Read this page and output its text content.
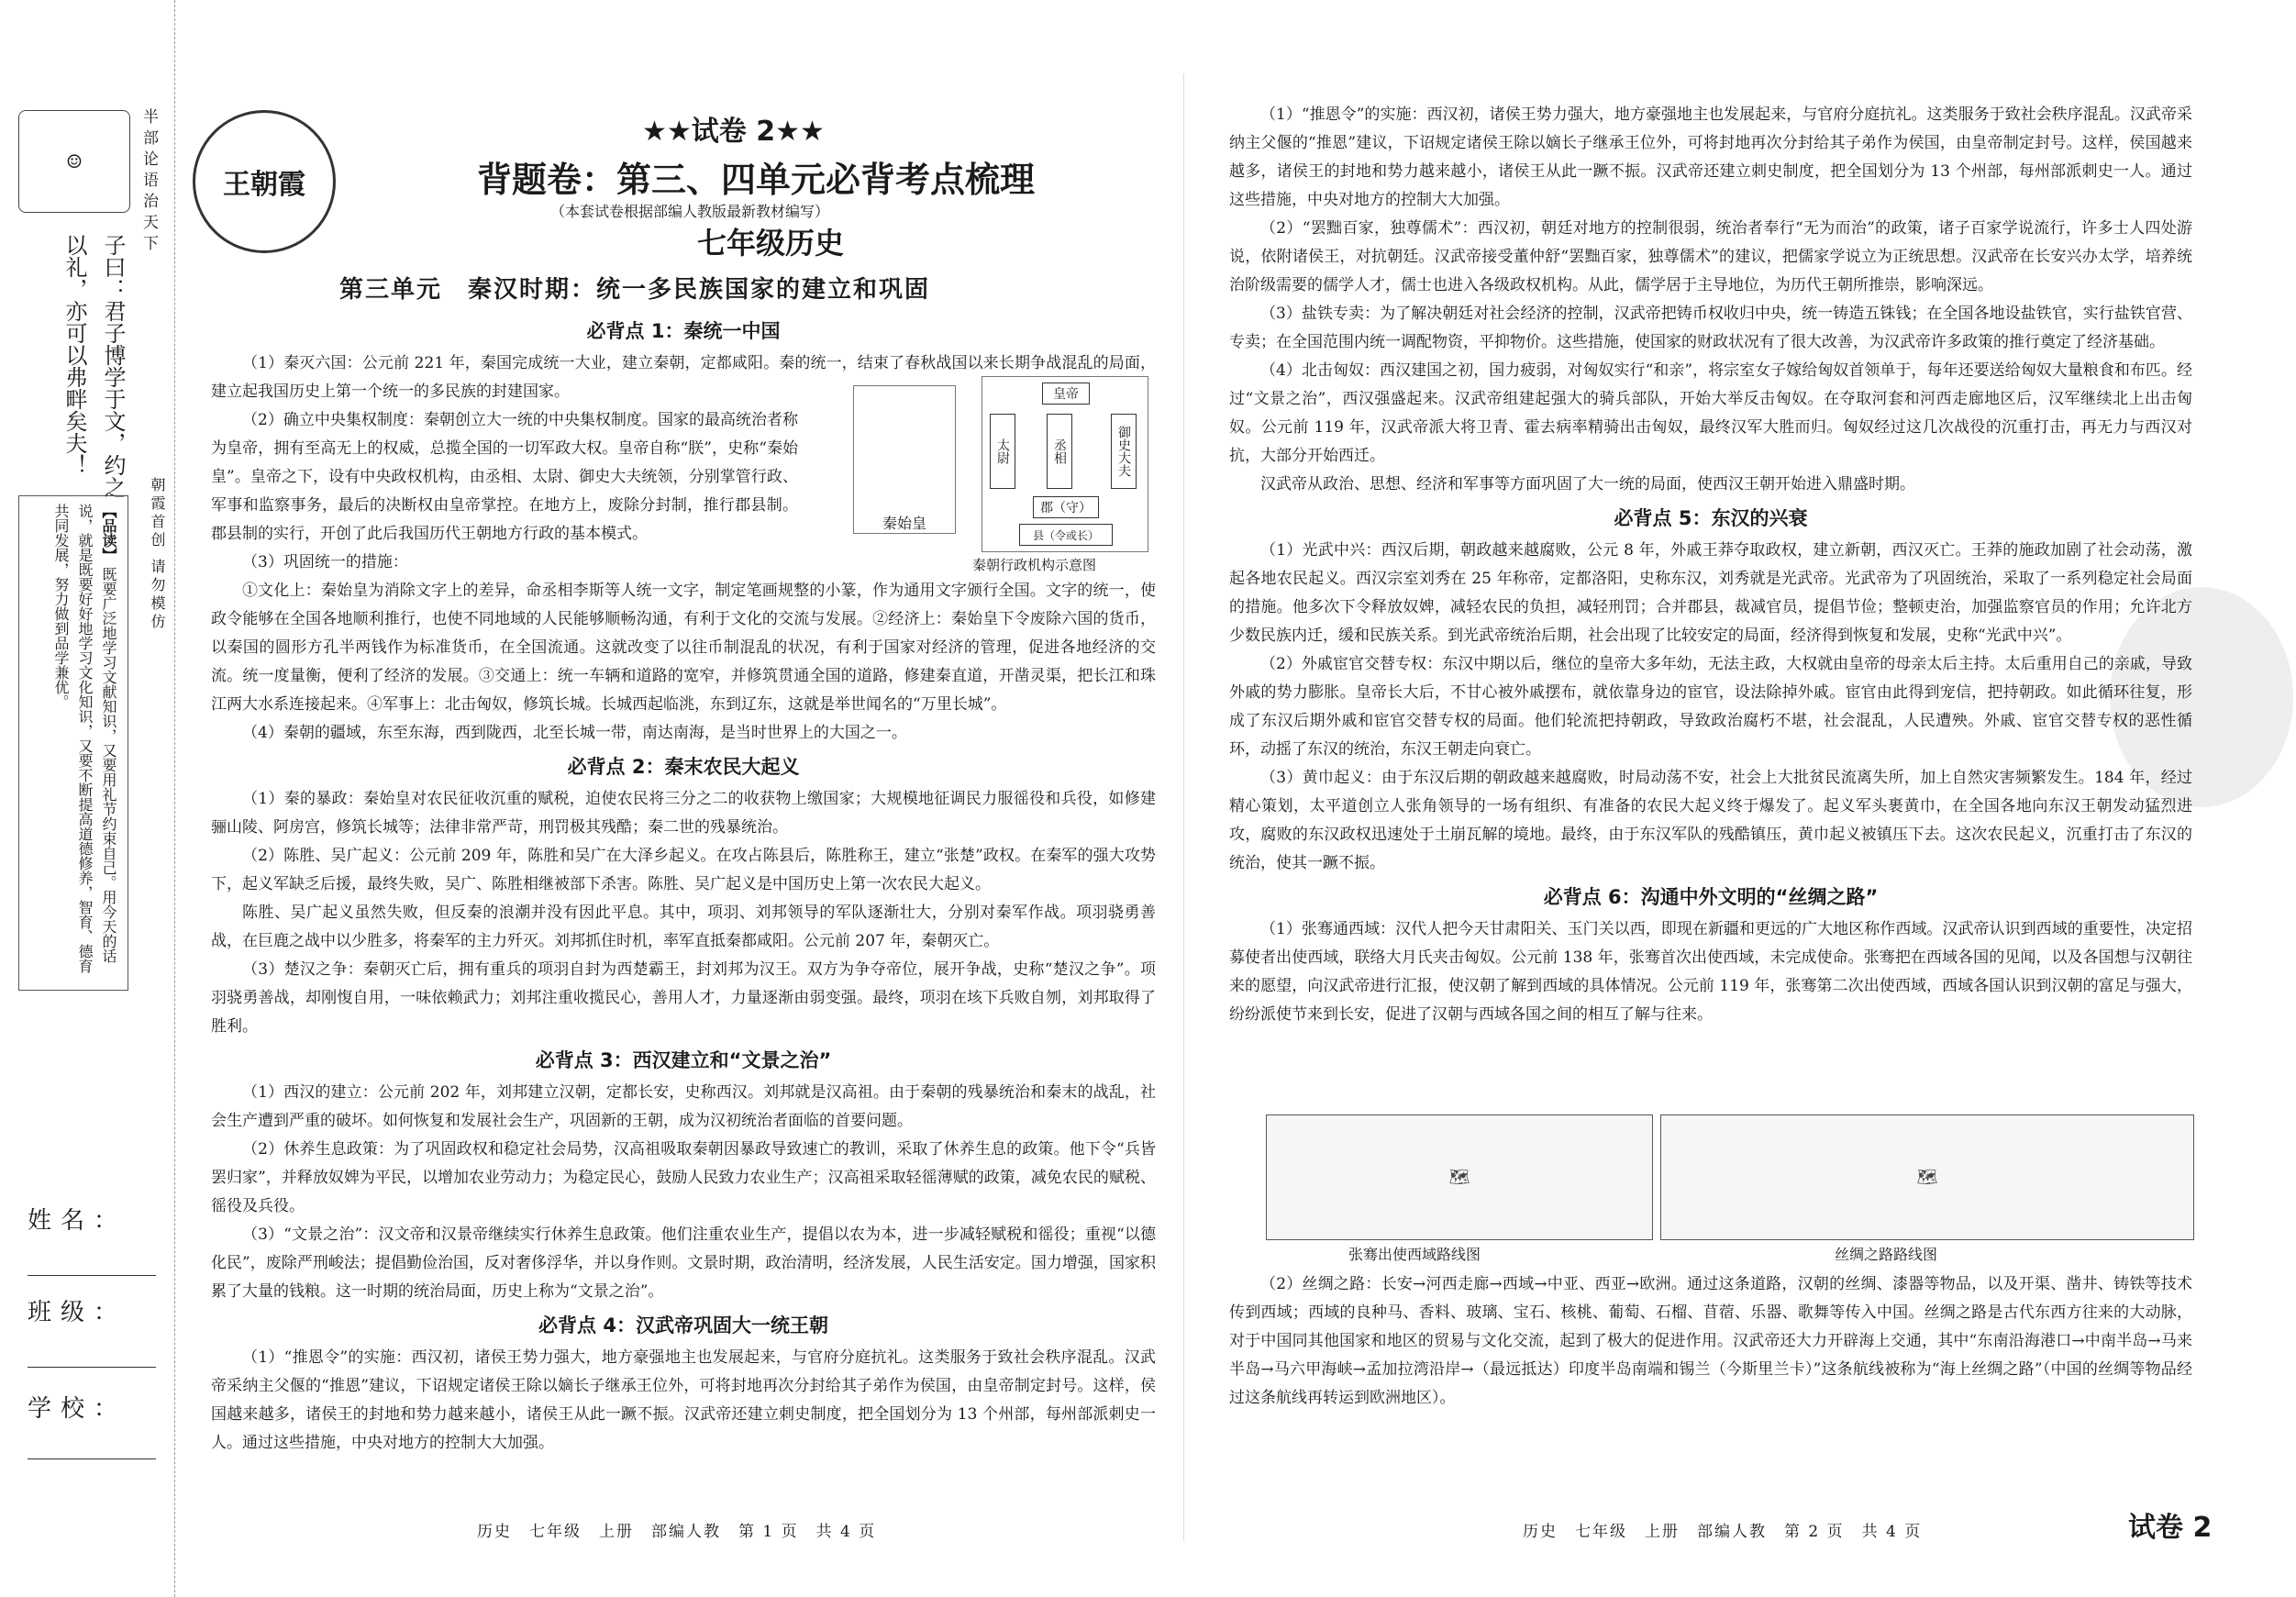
☺	半部论语治天下
子曰：君子博学于文，约之以礼，亦可以弗畔矣夫！
【品读】 既要广泛地学习文献知识，又要用礼节约束自己。用今天的话说，就是既要好好地学习文化知识，又要不断提高道德修养，智育、德育共同发展，努力做到品学兼优。	朝霞首创 请勿模仿
姓名：
班级：
学校：
王朝霞
★★试卷 2★★
背题卷：第三、四单元必背考点梳理
（本套试卷根据部编人教版最新教材编写）
七年级历史
第三单元　秦汉时期：统一多民族国家的建立和巩固
必背点 1：秦统一中国

（1）秦灭六国：公元前 221 年，秦国完成统一大业，建立秦朝，定都咸阳。秦的统一，结束了春秋战国以来长期争战混乱的局面，建立起我国历史上第一个统一的多民族的封建国家。

（2）确立中央集权制度：秦朝创立大一统的中央集权制度。国家的最高统治者称为皇帝，拥有至高无上的权威，总揽全国的一切军政大权。皇帝自称“朕”，史称“秦始皇”。皇帝之下，设有中央政权机构，由丞相、太尉、御史大夫统领，分别掌管行政、军事和监察事务，最后的决断权由皇帝掌控。在地方上，废除分封制，推行郡县制。郡县制的实行，开创了此后我国历代王朝地方行政的基本模式。

（3）巩固统一的措施：

①文化上：秦始皇为消除文字上的差异，命丞相李斯等人统一文字，制定笔画规整的小篆，作为通用文字颁行全国。文字的统一，使政令能够在全国各地顺利推行，也使不同地域的人民能够顺畅沟通，有利于文化的交流与发展。②经济上：秦始皇下令废除六国的货币，以秦国的圆形方孔半两钱作为标准货币，在全国流通。这就改变了以往币制混乱的状况，有利于国家对经济的管理，促进各地经济的交流。统一度量衡，便利了经济的发展。③交通上：统一车辆和道路的宽窄，并修筑贯通全国的道路，修建秦直道，开凿灵渠，把长江和珠江两大水系连接起来。④军事上：北击匈奴，修筑长城。长城西起临洮，东到辽东，这就是举世闻名的“万里长城”。

（4）秦朝的疆域，东至东海，西到陇西，北至长城一带，南达南海，是当时世界上的大国之一。

必背点 2：秦末农民大起义

（1）秦的暴政：秦始皇对农民征收沉重的赋税，迫使农民将三分之二的收获物上缴国家；大规模地征调民力服徭役和兵役，如修建骊山陵、阿房宫，修筑长城等；法律非常严苛，刑罚极其残酷；秦二世的残暴统治。

（2）陈胜、吴广起义：公元前 209 年，陈胜和吴广在大泽乡起义。在攻占陈县后，陈胜称王，建立“张楚”政权。在秦军的强大攻势下，起义军缺乏后援，最终失败，吴广、陈胜相继被部下杀害。陈胜、吴广起义是中国历史上第一次农民大起义。

陈胜、吴广起义虽然失败，但反秦的浪潮并没有因此平息。其中，项羽、刘邦领导的军队逐渐壮大，分别对秦军作战。项羽骁勇善战，在巨鹿之战中以少胜多，将秦军的主力歼灭。刘邦抓住时机，率军直抵秦都咸阳。公元前 207 年，秦朝灭亡。

（3）楚汉之争：秦朝灭亡后，拥有重兵的项羽自封为西楚霸王，封刘邦为汉王。双方为争夺帝位，展开争战，史称“楚汉之争”。项羽骁勇善战，却刚愎自用，一味依赖武力；刘邦注重收揽民心，善用人才，力量逐渐由弱变强。最终，项羽在垓下兵败自刎，刘邦取得了胜利。

必背点 3：西汉建立和“文景之治”

（1）西汉的建立：公元前 202 年，刘邦建立汉朝，定都长安，史称西汉。刘邦就是汉高祖。由于秦朝的残暴统治和秦末的战乱，社会生产遭到严重的破坏。如何恢复和发展社会生产，巩固新的王朝，成为汉初统治者面临的首要问题。

（2）休养生息政策：为了巩固政权和稳定社会局势，汉高祖吸取秦朝因暴政导致速亡的教训，采取了休养生息的政策。他下令“兵皆罢归家”，并释放奴婢为平民，以增加农业劳动力；为稳定民心，鼓励人民致力农业生产；汉高祖采取轻徭薄赋的政策，减免农民的赋税、徭役及兵役。

（3）“文景之治”：汉文帝和汉景帝继续实行休养生息政策。他们注重农业生产，提倡以农为本，进一步减轻赋税和徭役；重视“以德化民”，废除严刑峻法；提倡勤俭治国，反对奢侈浮华，并以身作则。文景时期，政治清明，经济发展，人民生活安定。国力增强，国家积累了大量的钱粮。这一时期的统治局面，历史上称为“文景之治”。

必背点 4：汉武帝巩固大一统王朝

（1）“推恩令”的实施：西汉初，诸侯王势力强大，地方豪强地主也发展起来，与官府分庭抗礼。这类服务于致社会秩序混乱。汉武帝采纳主父偃的“推恩”建议，下诏规定诸侯王除以嫡长子继承王位外，可将封地再次分封给其子弟作为侯国，由皇帝制定封号。这样，侯国越来越多，诸侯王的封地和势力越来越小，诸侯王从此一蹶不振。汉武帝还建立刺史制度，把全国划分为 13 个州部，每州部派刺史一人。通过这些措施，中央对地方的控制大大加强。

秦始皇
皇帝
太尉	丞相	御史大夫
郡（守）
县（令或长）
秦朝行政机构示意图

（1）“推恩令”的实施：西汉初，诸侯王势力强大，地方豪强地主也发展起来，与官府分庭抗礼。这类服务于致社会秩序混乱。汉武帝采纳主父偃的“推恩”建议，下诏规定诸侯王除以嫡长子继承王位外，可将封地再次分封给其子弟作为侯国，由皇帝制定封号。这样，侯国越来越多，诸侯王的封地和势力越来越小，诸侯王从此一蹶不振。汉武帝还建立刺史制度，把全国划分为 13 个州部，每州部派刺史一人。通过这些措施，中央对地方的控制大大加强。

（2）“罢黜百家，独尊儒术”：西汉初，朝廷对地方的控制很弱，统治者奉行“无为而治”的政策，诸子百家学说流行，许多士人四处游说，依附诸侯王，对抗朝廷。汉武帝接受董仲舒“罢黜百家，独尊儒术”的建议，把儒家学说立为正统思想。汉武帝在长安兴办太学，培养统治阶级需要的儒学人才，儒士也进入各级政权机构。从此，儒学居于主导地位，为历代王朝所推崇，影响深远。

（3）盐铁专卖：为了解决朝廷对社会经济的控制，汉武帝把铸币权收归中央，统一铸造五铢钱；在全国各地设盐铁官，实行盐铁官营、专卖；在全国范围内统一调配物资，平抑物价。这些措施，使国家的财政状况有了很大改善，为汉武帝许多政策的推行奠定了经济基础。

（4）北击匈奴：西汉建国之初，国力疲弱，对匈奴实行“和亲”，将宗室女子嫁给匈奴首领单于，每年还要送给匈奴大量粮食和布匹。经过“文景之治”，西汉强盛起来。汉武帝组建起强大的骑兵部队，开始大举反击匈奴。在夺取河套和河西走廊地区后，汉军继续北上出击匈奴。公元前 119 年，汉武帝派大将卫青、霍去病率精骑出击匈奴，最终汉军大胜而归。匈奴经过这几次战役的沉重打击，再无力与西汉对抗，大部分开始西迁。

汉武帝从政治、思想、经济和军事等方面巩固了大一统的局面，使西汉王朝开始进入鼎盛时期。

必背点 5：东汉的兴衰

（1）光武中兴：西汉后期，朝政越来越腐败，公元 8 年，外戚王莽夺取政权，建立新朝，西汉灭亡。王莽的施政加剧了社会动荡，激起各地农民起义。西汉宗室刘秀在 25 年称帝，定都洛阳，史称东汉，刘秀就是光武帝。光武帝为了巩固统治，采取了一系列稳定社会局面的措施。他多次下令释放奴婢，减轻农民的负担，减轻刑罚；合并郡县，裁减官员，提倡节俭；整顿吏治，加强监察官员的作用；允许北方少数民族内迁，缓和民族关系。到光武帝统治后期，社会出现了比较安定的局面，经济得到恢复和发展，史称“光武中兴”。

（2）外戚宦官交替专权：东汉中期以后，继位的皇帝大多年幼，无法主政，大权就由皇帝的母亲太后主持。太后重用自己的亲戚，导致外戚的势力膨胀。皇帝长大后，不甘心被外戚摆布，就依靠身边的宦官，设法除掉外戚。宦官由此得到宠信，把持朝政。如此循环往复，形成了东汉后期外戚和宦官交替专权的局面。他们轮流把持朝政，导致政治腐朽不堪，社会混乱，人民遭殃。外戚、宦官交替专权的恶性循环，动摇了东汉的统治，东汉王朝走向衰亡。

（3）黄巾起义：由于东汉后期的朝政越来越腐败，时局动荡不安，社会上大批贫民流离失所，加上自然灾害频繁发生。184 年，经过精心策划，太平道创立人张角领导的一场有组织、有准备的农民大起义终于爆发了。起义军头裹黄巾，在全国各地向东汉王朝发动猛烈进攻，腐败的东汉政权迅速处于土崩瓦解的境地。最终，由于东汉军队的残酷镇压，黄巾起义被镇压下去。这次农民起义，沉重打击了东汉的统治，使其一蹶不振。

必背点 6：沟通中外文明的“丝绸之路”

（1）张骞通西域：汉代人把今天甘肃阳关、玉门关以西，即现在新疆和更远的广大地区称作西域。汉武帝认识到西域的重要性，决定招募使者出使西域，联络大月氏夹击匈奴。公元前 138 年，张骞首次出使西域，未完成使命。张骞把在西域各国的见闻，以及各国想与汉朝往来的愿望，向汉武帝进行汇报，使汉朝了解到西域的具体情况。公元前 119 年，张骞第二次出使西域，西域各国认识到汉朝的富足与强大，纷纷派使节来到长安，促进了汉朝与西域各国之间的相互了解与往来。

🗺
张骞出使西域路线图
🗺
丝绸之路路线图

（2）丝绸之路：长安→河西走廊→西域→中亚、西亚→欧洲。通过这条道路，汉朝的丝绸、漆器等物品，以及开渠、凿井、铸铁等技术传到西域；西域的良种马、香料、玻璃、宝石、核桃、葡萄、石榴、苜蓿、乐器、歌舞等传入中国。丝绸之路是古代东西方往来的大动脉，对于中国同其他国家和地区的贸易与文化交流，起到了极大的促进作用。汉武帝还大力开辟海上交通，其中“东南沿海港口→中南半岛→马来半岛→马六甲海峡→孟加拉湾沿岸→（最远抵达）印度半岛南端和锡兰（今斯里兰卡）”这条航线被称为“海上丝绸之路”（中国的丝绸等物品经过这条航线再转运到欧洲地区）。

历史　七年级　上册　部编人教　第 1 页　共 4 页	历史　七年级　上册　部编人教　第 2 页　共 4 页	试卷 2
